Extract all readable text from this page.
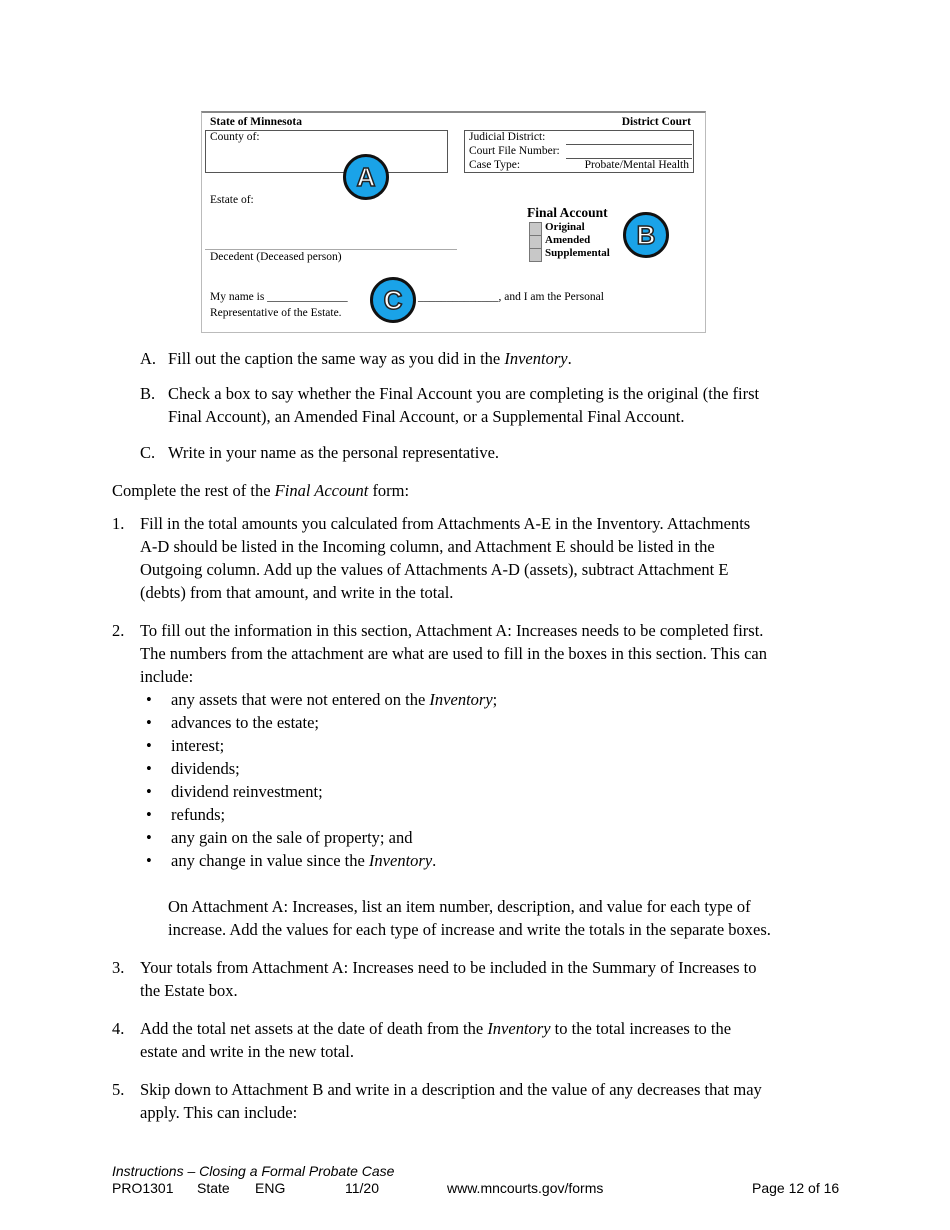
State of Minnesota	District Court
County of:	Judicial District:
Court File Number:
Case Type:	Probate/Mental Health
Estate of:
Decedent (Deceased person)
Final Account
Original
Amended
Supplemental
My name is ______________	______________, and I am the Personal
Representative of the Estate.
A
B
C
A. Fill out the caption the same way as you did in the Inventory.
B. Check a box to say whether the Final Account you are completing is the original (the first
Final Account), an Amended Final Account, or a Supplemental Final Account.
C. Write in your name as the personal representative.
Complete the rest of the Final Account form:
1. Fill in the total amounts you calculated from Attachments A-E in the Inventory. Attachments
A-D should be listed in the Incoming column, and Attachment E should be listed in the
Outgoing column. Add up the values of Attachments A-D (assets), subtract Attachment E
(debts) from that amount, and write in the total.
2. To fill out the information in this section, Attachment A: Increases needs to be completed first.
The numbers from the attachment are what are used to fill in the boxes in this section. This can
include:
• any assets that were not entered on the Inventory;
• advances to the estate;
• interest;
• dividends;
• dividend reinvestment;
• refunds;
• any gain on the sale of property; and
• any change in value since the Inventory.
On Attachment A: Increases, list an item number, description, and value for each type of
increase. Add the values for each type of increase and write the totals in the separate boxes.
3. Your totals from Attachment A: Increases need to be included in the Summary of Increases to
the Estate box.
4. Add the total net assets at the date of death from the Inventory to the total increases to the
estate and write in the new total.
5. Skip down to Attachment B and write in a description and the value of any decreases that may
apply. This can include:
Instructions – Closing a Formal Probate Case
PRO1301 State ENG	11/20	www.mncourts.gov/forms	Page 12 of 16
